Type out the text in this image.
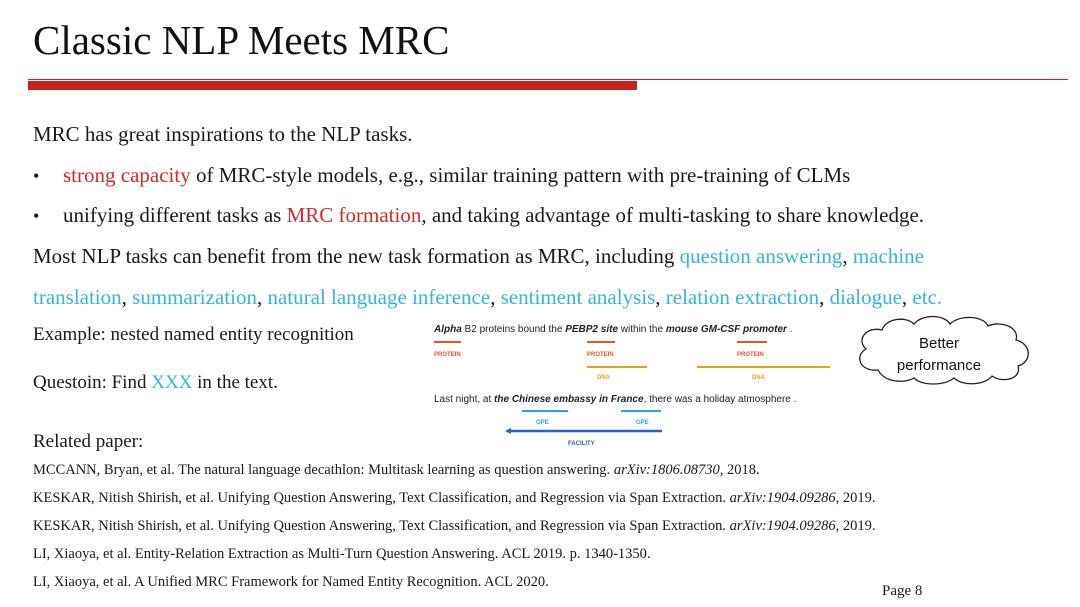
Classic NLP Meets MRC
MRC has great inspirations to the NLP tasks.
• strong capacity of MRC-style models, e.g., similar training pattern with pre-training of CLMs
• unifying different tasks as MRC formation, and taking advantage of multi-tasking to share knowledge.
Most NLP tasks can benefit from the new task formation as MRC, including question answering, machine
translation, summarization, natural language inference, sentiment analysis, relation extraction, dialogue, etc.
Example: nested named entity recognition
Questoin: Find XXX in the text.
Alpha B2 proteins bound the PEBP2 site within the mouse GM-CSF promoter .
PROTEIN	PROTEIN	PROTEIN
DNA	DNA
Last night, at the Chinese embassy in France, there was a holiday atmosphere .
GPE	GPE
FACILITY
Better
performance
Related paper:
MCCANN, Bryan, et al. The natural language decathlon: Multitask learning as question answering. arXiv:1806.08730, 2018.
KESKAR, Nitish Shirish, et al. Unifying Question Answering, Text Classification, and Regression via Span Extraction. arXiv:1904.09286, 2019.
KESKAR, Nitish Shirish, et al. Unifying Question Answering, Text Classification, and Regression via Span Extraction. arXiv:1904.09286, 2019.
LI, Xiaoya, et al. Entity-Relation Extraction as Multi-Turn Question Answering. ACL 2019. p. 1340-1350.
LI, Xiaoya, et al. A Unified MRC Framework for Named Entity Recognition. ACL 2020.
Page 8
